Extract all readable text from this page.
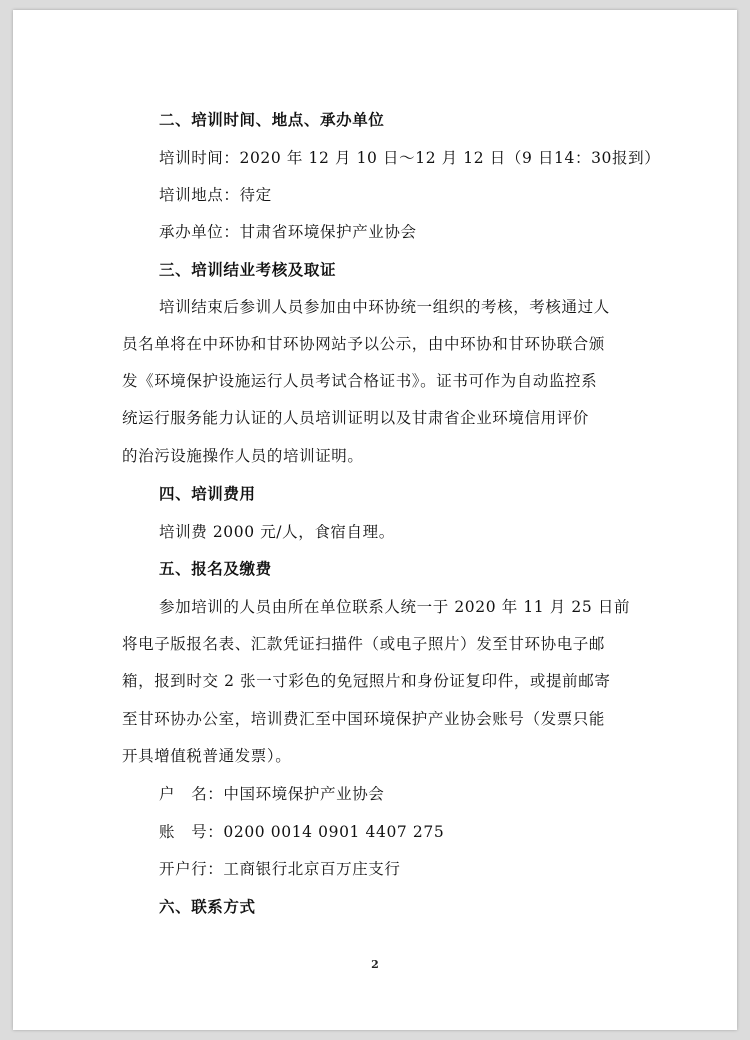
二、培训时间、地点、承办单位
培训时间：2020 年 12 月 10 日～12 月 12 日（9 日14：30报到）
培训地点：待定
承办单位：甘肃省环境保护产业协会
三、培训结业考核及取证
培训结束后参训人员参加由中环协统一组织的考核，考核通过人
员名单将在中环协和甘环协网站予以公示，由中环协和甘环协联合颁
发《环境保护设施运行人员考试合格证书》。证书可作为自动监控系
统运行服务能力认证的人员培训证明以及甘肃省企业环境信用评价
的治污设施操作人员的培训证明。
四、培训费用
培训费 2000 元/人，食宿自理。
五、报名及缴费
参加培训的人员由所在单位联系人统一于 2020 年 11 月 25 日前
将电子版报名表、汇款凭证扫描件（或电子照片）发至甘环协电子邮
箱，报到时交 2 张一寸彩色的免冠照片和身份证复印件，或提前邮寄
至甘环协办公室，培训费汇至中国环境保护产业协会账号（发票只能
开具增值税普通发票）。
户　名：中国环境保护产业协会
账　号：0200 0014 0901 4407 275
开户行：工商银行北京百万庄支行
六、联系方式
2
